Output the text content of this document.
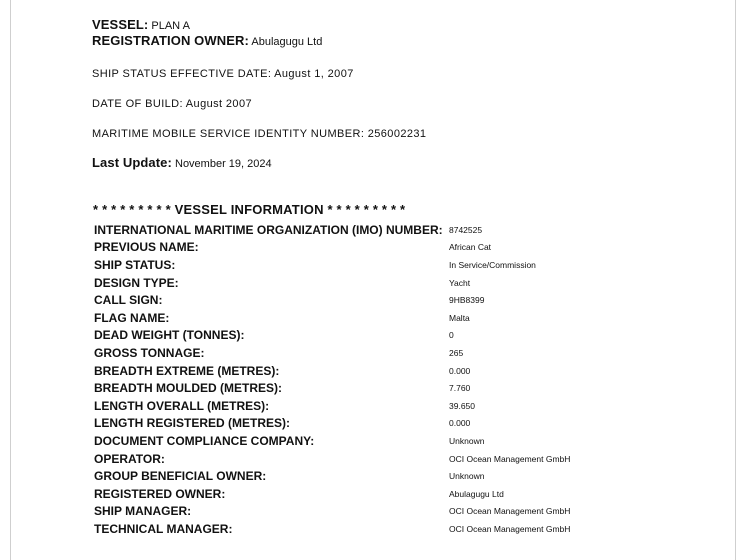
VESSEL: PLAN A
REGISTRATION OWNER: Abulagugu Ltd
SHIP STATUS EFFECTIVE DATE: August 1, 2007
DATE OF BUILD: August 2007
MARITIME MOBILE SERVICE IDENTITY NUMBER: 256002231
Last Update: November 19, 2024
* * * * * * * * * VESSEL INFORMATION * * * * * * * * *
INTERNATIONAL MARITIME ORGANIZATION (IMO) NUMBER:	8742525
PREVIOUS NAME:	African Cat
SHIP STATUS:	In Service/Commission
DESIGN TYPE:	Yacht
CALL SIGN:	9HB8399
FLAG NAME:	Malta
DEAD WEIGHT (TONNES):	0
GROSS TONNAGE:	265
BREADTH EXTREME (METRES):	0.000
BREADTH MOULDED (METRES):	7.760
LENGTH OVERALL (METRES):	39.650
LENGTH REGISTERED (METRES):	0.000
DOCUMENT COMPLIANCE COMPANY:	Unknown
OPERATOR:	OCI Ocean Management GmbH
GROUP BENEFICIAL OWNER:	Unknown
REGISTERED OWNER:	Abulagugu Ltd
SHIP MANAGER:	OCI Ocean Management GmbH
TECHNICAL MANAGER:	OCI Ocean Management GmbH
